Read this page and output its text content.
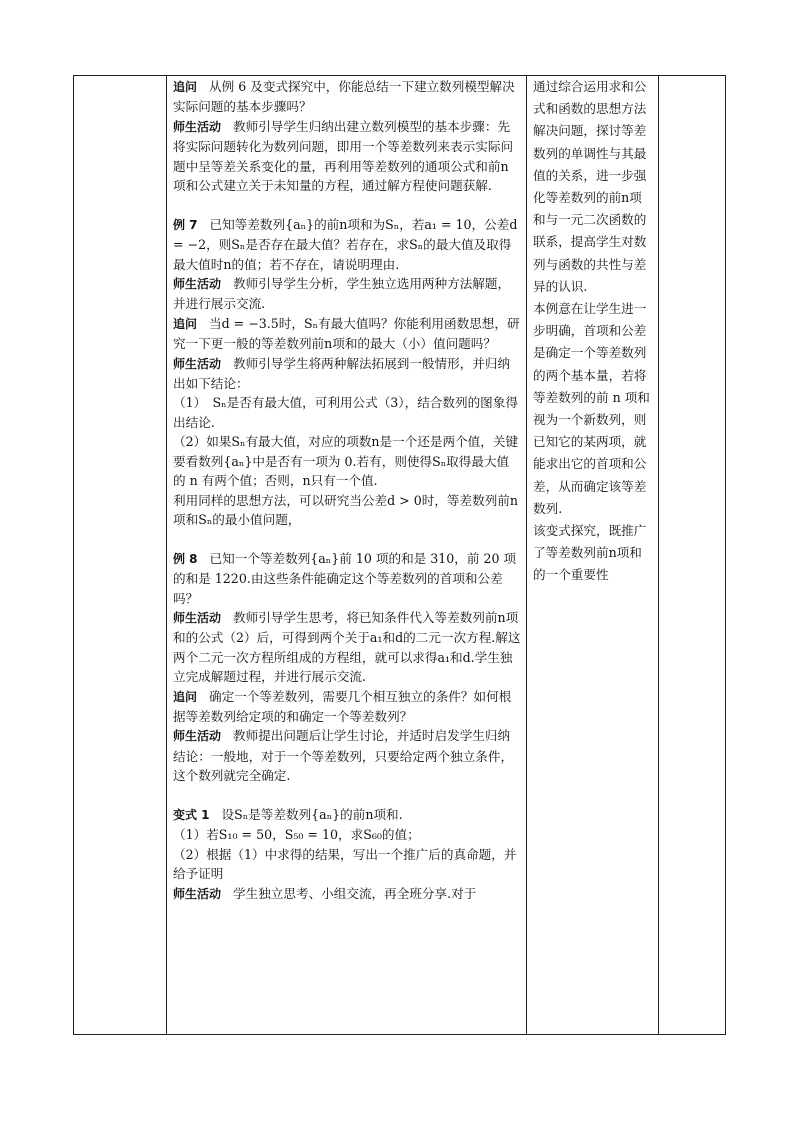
追问 从例 6 及变式探究中，你能总结一下建立数列模型解决实际问题的基本步骤吗？

师生活动 教师引导学生归纳出建立数列模型的基本步骤：先将实际问题转化为数列问题，即用一个等差数列来表示实际问题中呈等差关系变化的量，再利用等差数列的通项公式和前n项和公式建立关于未知量的方程，通过解方程使问题获解.

例 7 已知等差数列{aₙ}的前n项和为Sₙ，若a₁ = 10，公差d = −2，则Sₙ是否存在最大值？若存在，求Sₙ的最大值及取得最大值时n的值；若不存在，请说明理由.

师生活动 教师引导学生分析，学生独立选用两种方法解题，并进行展示交流.

追问 当d = −3.5时，Sₙ有最大值吗？你能利用函数思想，研究一下更一般的等差数列前n项和的最大（小）值问题吗？

师生活动 教师引导学生将两种解法拓展到一般情形，并归纳出如下结论：

（1）　Sₙ是否有最大值，可利用公式（3），结合数列的图象得出结论.

（2）如果Sₙ有最大值，对应的项数n是一个还是两个值，关键要看数列{aₙ}中是否有一项为 0.若有，则使得Sₙ取得最大值的 n 有两个值；否则，n只有一个值.

利用同样的思想方法，可以研究当公差d > 0时，等差数列前n项和Sₙ的最小值问题，

例 8 已知一个等差数列{aₙ}前 10 项的和是 310，前 20 项的和是 1220.由这些条件能确定这个等差数列的首项和公差吗？

师生活动 教师引导学生思考，将已知条件代入等差数列前n项和的公式（2）后，可得到两个关于a₁和d的二元一次方程.解这两个二元一次方程所组成的方程组，就可以求得a₁和d.学生独立完成解题过程，并进行展示交流.

追问 确定一个等差数列，需要几个相互独立的条件？如何根据等差数列给定项的和确定一个等差数列？

师生活动 教师提出问题后让学生讨论，并适时启发学生归纳结论：一般地，对于一个等差数列，只要给定两个独立条件，这个数列就完全确定.

变式 1 设Sₙ是等差数列{aₙ}的前n项和.

（1）若S₁₀ = 50，S₅₀ = 10，求S₆₀的值；

（2）根据（1）中求得的结果，写出一个推广后的真命题，并给予证明

师生活动 学生独立思考、小组交流，再全班分享.对于

通过综合运用求和公式和函数的思想方法解决问题，探讨等差数列的单调性与其最值的关系，进一步强化等差数列的前n项和与一元二次函数的联系，提高学生对数列与函数的共性与差异的认识.

本例意在让学生进一步明确，首项和公差是确定一个等差数列的两个基本量，若将等差数列的前 n 项和视为一个新数列，则已知它的某两项，就能求出它的首项和公差，从而确定该等差数列.

该变式探究，既推广了等差数列前n项和的一个重要性
